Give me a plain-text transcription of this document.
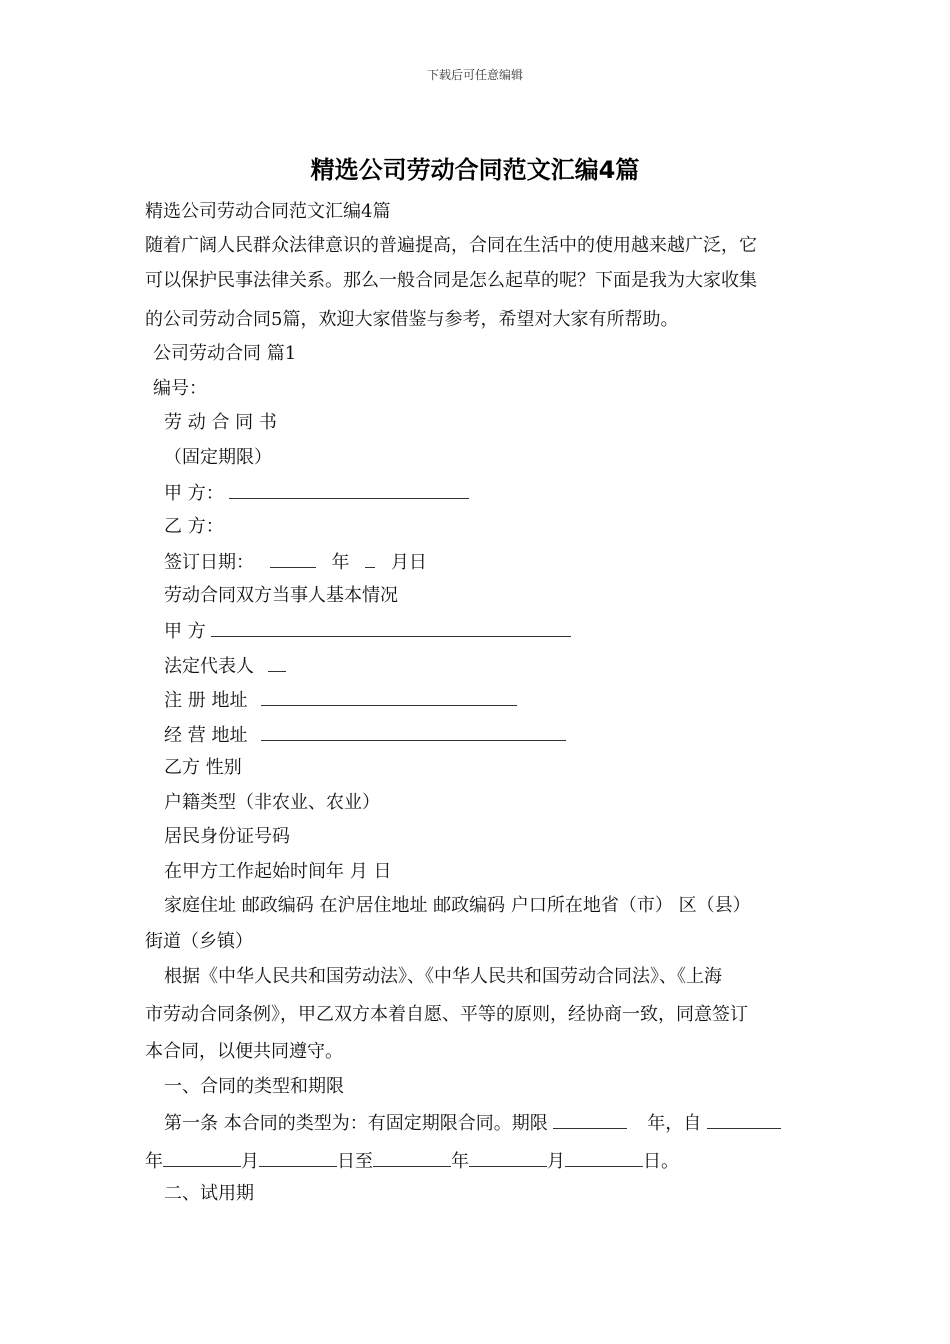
下载后可任意编辑
精选公司劳动合同范文汇编4篇
精选公司劳动合同范文汇编4篇
随着广阔人民群众法律意识的普遍提高，合同在生活中的使用越来越广泛，它
可以保护民事法律关系。那么一般合同是怎么起草的呢？下面是我为大家收集
的公司劳动合同5篇，欢迎大家借鉴与参考，希望对大家有所帮助。
公司劳动合同 篇1
编号：
劳 动 合 同 书
（固定期限）
甲 方：
乙 方：
签订日期：	年 月日
劳动合同双方当事人基本情况
甲 方
法定代表人
注 册 地址
经 营 地址
乙方 性别
户籍类型（非农业、农业）
居民身份证号码
在甲方工作起始时间年 月 日
家庭住址 邮政编码 在沪居住地址 邮政编码 户口所在地省（市） 区（县）
街道（乡镇）
根据《中华人民共和国劳动法》、《中华人民共和国劳动合同法》、《上海
市劳动合同条例》，甲乙双方本着自愿、平等的原则，经协商一致，同意签订
本合同，以便共同遵守。
一、合同的类型和期限
第一条 本合同的类型为：有固定期限合同。期限	年，自
年	月	日至	年	月	日。
二、试用期
